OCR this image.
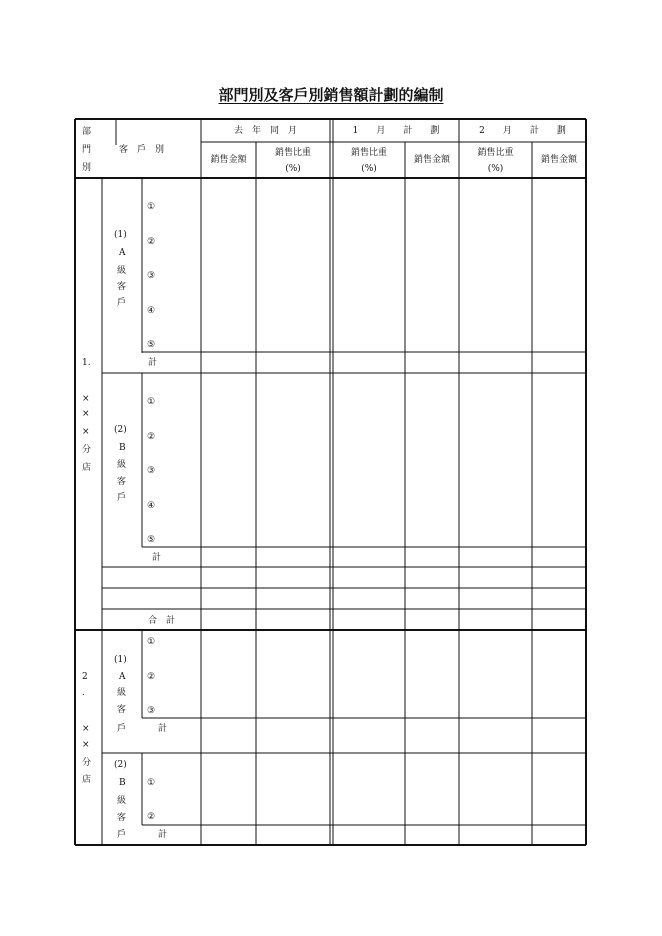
部門別及客戶別銷售額計劃的編制
部
門
別
客　戶　別
去　年　同　月	1　　月　　計　　劃	2　　月　　計　　劃
銷售金額
銷售比重
(%)
銷售比重
(%)
銷售金額
銷售比重
(%)
銷售金額
1.
×
×
×
分
店
(1)
A
級
客
戶
①
②
③
④
⑤
計
(2)
B
級
客
戶
①
②
③
④
⑤
計
合　計
2
.
×
×
分
店
(1)
A
級
客
戶
①
②
③
計
(2)
B
級
客
戶
①
②
計
